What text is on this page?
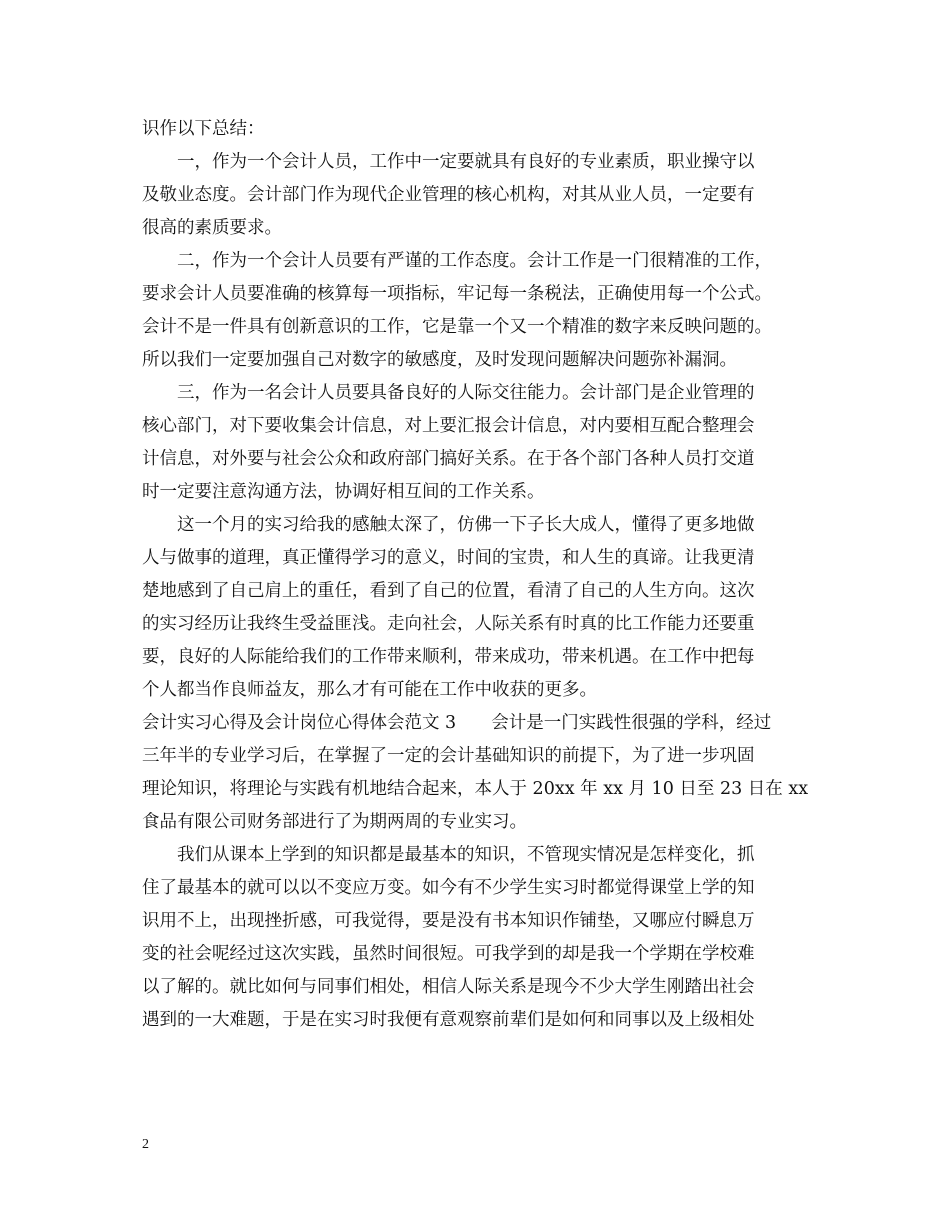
识作以下总结：
一，作为一个会计人员，工作中一定要就具有良好的专业素质，职业操守以
及敬业态度。会计部门作为现代企业管理的核心机构，对其从业人员，一定要有
很高的素质要求。
二，作为一个会计人员要有严谨的工作态度。会计工作是一门很精准的工作，
要求会计人员要准确的核算每一项指标，牢记每一条税法，正确使用每一个公式。
会计不是一件具有创新意识的工作，它是靠一个又一个精准的数字来反映问题的。
所以我们一定要加强自己对数字的敏感度，及时发现问题解决问题弥补漏洞。
三，作为一名会计人员要具备良好的人际交往能力。会计部门是企业管理的
核心部门，对下要收集会计信息，对上要汇报会计信息，对内要相互配合整理会
计信息，对外要与社会公众和政府部门搞好关系。在于各个部门各种人员打交道
时一定要注意沟通方法，协调好相互间的工作关系。
这一个月的实习给我的感触太深了，仿佛一下子长大成人，懂得了更多地做
人与做事的道理，真正懂得学习的意义，时间的宝贵，和人生的真谛。让我更清
楚地感到了自己肩上的重任，看到了自己的位置，看清了自己的人生方向。这次
的实习经历让我终生受益匪浅。走向社会，人际关系有时真的比工作能力还要重
要，良好的人际能给我们的工作带来顺利，带来成功，带来机遇。在工作中把每
个人都当作良师益友，那么才有可能在工作中收获的更多。
会计实习心得及会计岗位心得体会范文 3　　会计是一门实践性很强的学科，经过
三年半的专业学习后，在掌握了一定的会计基础知识的前提下，为了进一步巩固
理论知识，将理论与实践有机地结合起来，本人于 20xx 年 xx 月 10 日至 23 日在 xx
食品有限公司财务部进行了为期两周的专业实习。
我们从课本上学到的知识都是最基本的知识，不管现实情况是怎样变化，抓
住了最基本的就可以以不变应万变。如今有不少学生实习时都觉得课堂上学的知
识用不上，出现挫折感，可我觉得，要是没有书本知识作铺垫，又哪应付瞬息万
变的社会呢经过这次实践，虽然时间很短。可我学到的却是我一个学期在学校难
以了解的。就比如何与同事们相处，相信人际关系是现今不少大学生刚踏出社会
遇到的一大难题，于是在实习时我便有意观察前辈们是如何和同事以及上级相处
2
